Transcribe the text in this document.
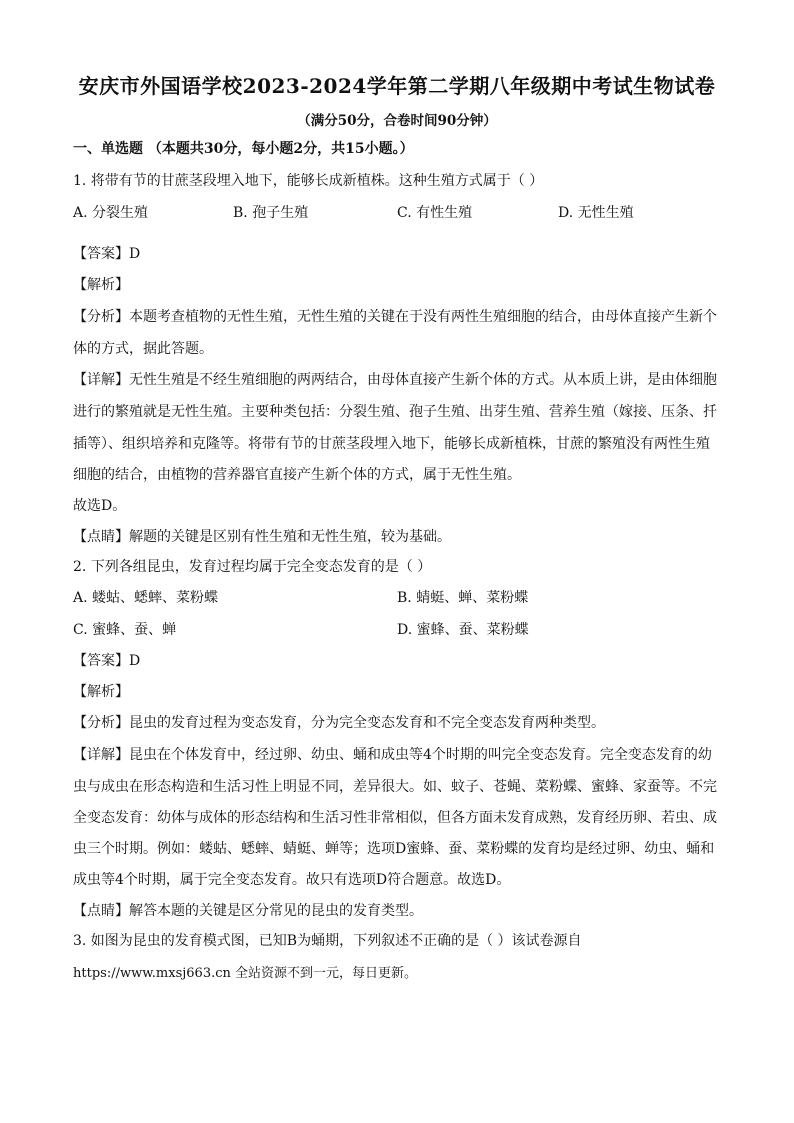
安庆市外国语学校2023-2024学年第二学期八年级期中考试生物试卷
（满分50分，合卷时间90分钟）
一、单选题 （本题共30分，每小题2分，共15小题。）
1. 将带有节的甘蔗茎段埋入地下，能够长成新植株。这种生殖方式属于（ ）
A. 分裂生殖	B. 孢子生殖	C. 有性生殖	D. 无性生殖
【答案】D
【解析】
【分析】本题考查植物的无性生殖，无性生殖的关键在于没有两性生殖细胞的结合，由母体直接产生新个
体的方式，据此答题。
【详解】无性生殖是不经生殖细胞的两两结合，由母体直接产生新个体的方式。从本质上讲，是由体细胞
进行的繁殖就是无性生殖。主要种类包括：分裂生殖、孢子生殖、出芽生殖、营养生殖（嫁接、压条、扦
插等）、组织培养和克隆等。将带有节的甘蔗茎段埋入地下，能够长成新植株，甘蔗的繁殖没有两性生殖
细胞的结合，由植物的营养器官直接产生新个体的方式，属于无性生殖。
故选D。
【点睛】解题的关键是区别有性生殖和无性生殖，较为基础。
2. 下列各组昆虫，发育过程均属于完全变态发育的是（ ）
A. 蝼蛄、蟋蟀、菜粉蝶	B. 蜻蜓、蝉、菜粉蝶
C. 蜜蜂、蚕、蝉	D. 蜜蜂、蚕、菜粉蝶
【答案】D
【解析】
【分析】昆虫的发育过程为变态发育，分为完全变态发育和不完全变态发育两种类型。
【详解】昆虫在个体发育中，经过卵、幼虫、蛹和成虫等4个时期的叫完全变态发育。完全变态发育的幼
虫与成虫在形态构造和生活习性上明显不同，差异很大。如、蚊子、苍蝇、菜粉蝶、蜜蜂、家蚕等。不完
全变态发育：幼体与成体的形态结构和生活习性非常相似，但各方面未发育成熟，发育经历卵、若虫、成
虫三个时期。例如：蝼蛄、蟋蟀、蜻蜓、蝉等；选项D蜜蜂、蚕、菜粉蝶的发育均是经过卵、幼虫、蛹和
成虫等4个时期，属于完全变态发育。故只有选项D符合题意。故选D。
【点睛】解答本题的关键是区分常见的昆虫的发育类型。
3. 如图为昆虫的发育模式图，已知B为蛹期，下列叙述不正确的是（ ）该试卷源自
https://www.mxsj663.cn 全站资源不到一元，每日更新。
